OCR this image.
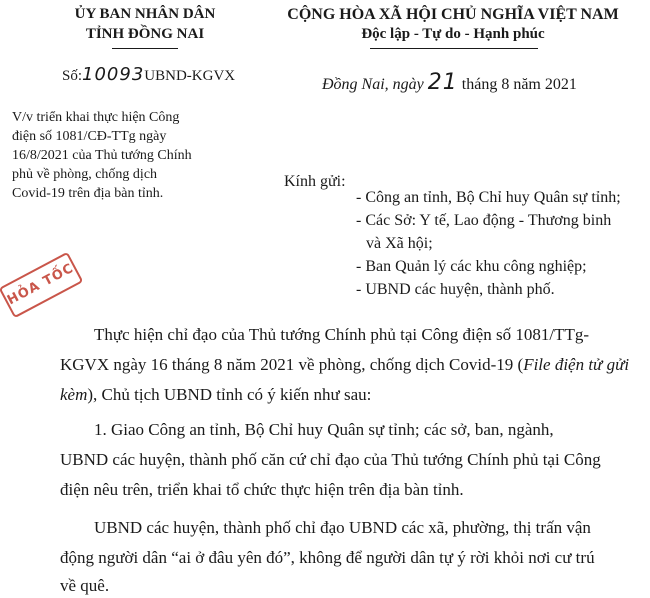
ỦY BAN NHÂN DÂN
TỈNH ĐỒNG NAI
Số:10093UBND-KGVX
V/v triển khai thực hiện Công
điện số 1081/CĐ-TTg ngày
16/8/2021 của Thủ tướng Chính
phủ về phòng, chống dịch
Covid-19 trên địa bàn tỉnh.
CỘNG HÒA XÃ HỘI CHỦ NGHĨA VIỆT NAM
Độc lập - Tự do - Hạnh phúc
Đồng Nai, ngày 21 tháng 8 năm 2021
HỎA TỐC
Kính gửi:
- Công an tỉnh, Bộ Chỉ huy Quân sự tỉnh;
- Các Sở: Y tế, Lao động - Thương binh
và Xã hội;
- Ban Quản lý các khu công nghiệp;
- UBND các huyện, thành phố.
Thực hiện chỉ đạo của Thủ tướng Chính phủ tại Công điện số 1081/TTg-
KGVX ngày 16 tháng 8 năm 2021 về phòng, chống dịch Covid-19 (File điện tử gửi
kèm), Chủ tịch UBND tỉnh có ý kiến như sau:
1. Giao Công an tỉnh, Bộ Chỉ huy Quân sự tỉnh; các sở, ban, ngành,
UBND các huyện, thành phố căn cứ chỉ đạo của Thủ tướng Chính phủ tại Công
điện nêu trên, triển khai tổ chức thực hiện trên địa bàn tỉnh.
UBND các huyện, thành phố chỉ đạo UBND các xã, phường, thị trấn vận
động người dân “ai ở đâu yên đó”, không để người dân tự ý rời khỏi nơi cư trú
về quê.
